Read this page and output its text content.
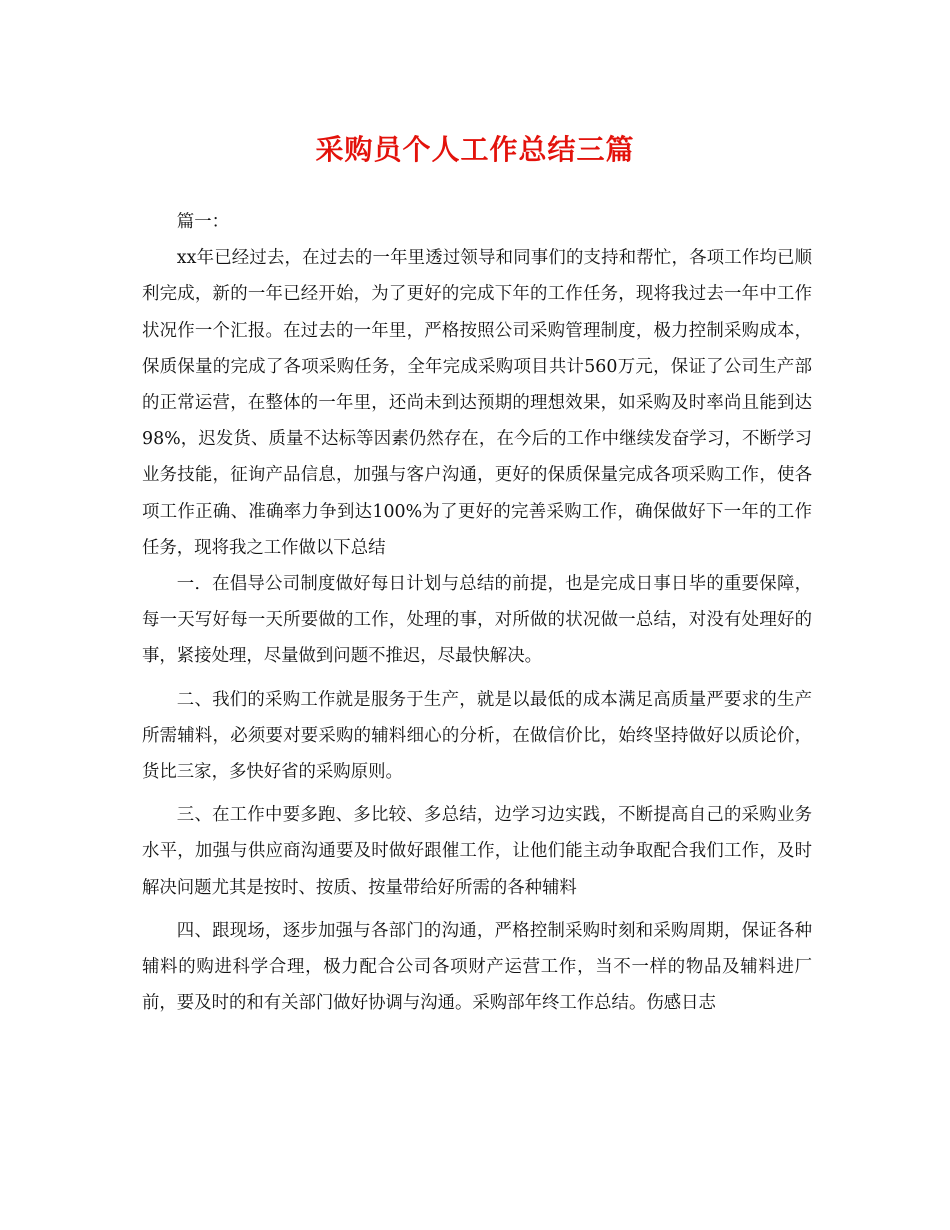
采购员个人工作总结三篇

篇一：

xx年已经过去，在过去的一年里透过领导和同事们的支持和帮忙，各项工作均已顺利完成，新的一年已经开始，为了更好的完成下年的工作任务，现将我过去一年中工作状况作一个汇报。在过去的一年里，严格按照公司采购管理制度，极力控制采购成本，保质保量的完成了各项采购任务，全年完成采购项目共计560万元，保证了公司生产部的正常运营，在整体的一年里，还尚未到达预期的理想效果，如采购及时率尚且能到达98%，迟发货、质量不达标等因素仍然存在，在今后的工作中继续发奋学习，不断学习业务技能，征询产品信息，加强与客户沟通，更好的保质保量完成各项采购工作，使各项工作正确、准确率力争到达100%为了更好的完善采购工作，确保做好下一年的工作任务，现将我之工作做以下总结

一．在倡导公司制度做好每日计划与总结的前提，也是完成日事日毕的重要保障，每一天写好每一天所要做的工作，处理的事，对所做的状况做一总结，对没有处理好的事，紧接处理，尽量做到问题不推迟，尽最快解决。

二、我们的采购工作就是服务于生产，就是以最低的成本满足高质量严要求的生产所需辅料，必须要对要采购的辅料细心的分析，在做信价比，始终坚持做好以质论价，货比三家，多快好省的采购原则。

三、在工作中要多跑、多比较、多总结，边学习边实践，不断提高自己的采购业务水平，加强与供应商沟通要及时做好跟催工作，让他们能主动争取配合我们工作，及时解决问题尤其是按时、按质、按量带给好所需的各种辅料

四、跟现场，逐步加强与各部门的沟通，严格控制采购时刻和采购周期，保证各种辅料的购进科学合理，极力配合公司各项财产运营工作，当不一样的物品及辅料进厂前，要及时的和有关部门做好协调与沟通。采购部年终工作总结。伤感日志
